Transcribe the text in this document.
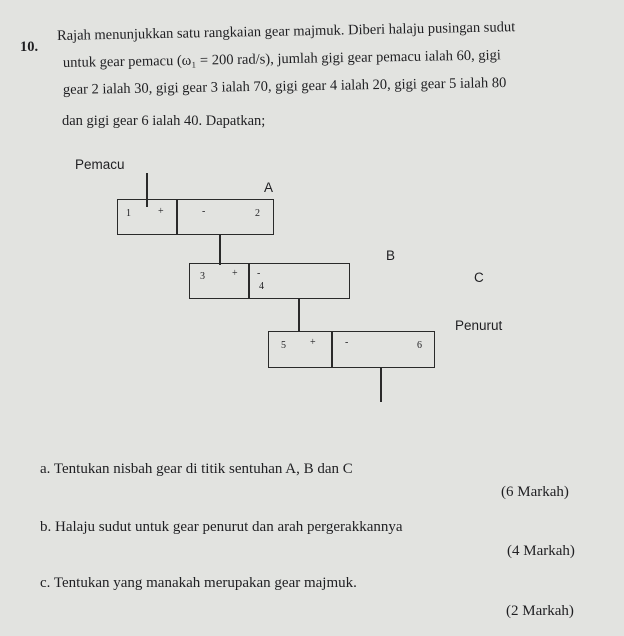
10.
Rajah menunjukkan satu rangkaian gear majmuk. Diberi halaju pusingan sudut
untuk gear pemacu (ω₁ = 200 rad/s), jumlah gigi gear pemacu ialah 60, gigi
gear 2 ialah 30, gigi gear 3 ialah 70, gigi gear 4 ialah 20, gigi gear 5 ialah 80
dan gigi gear 6 ialah 40. Dapatkan;
Pemacu
A
1	+	-	2
B
3	+ -
4
C
Penurut
5 +	-	6
a. Tentukan nisbah gear di titik sentuhan A, B dan C
(6 Markah)
b. Halaju sudut untuk gear penurut dan arah pergerakkannya
(4 Markah)
c. Tentukan yang manakah merupakan gear majmuk.
(2 Markah)
